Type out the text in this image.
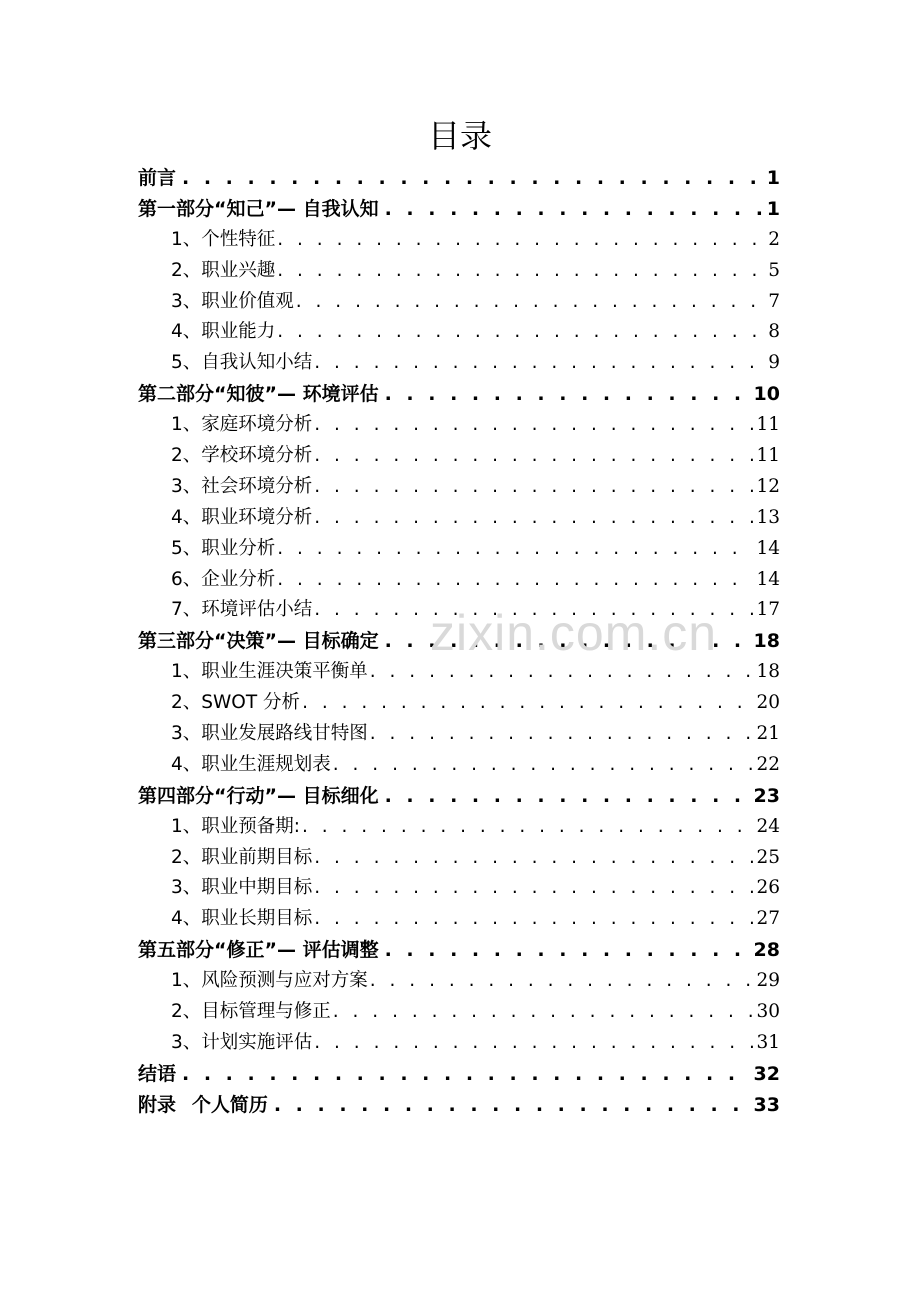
目录
前言 . . .	1
第一部分“知己”— 自我认知 . . .	1
1、个性特征 . . .	2
2、职业兴趣 . . .	5
3、职业价值观 . . .	7
4、职业能力 . . .	8
5、自我认知小结 . . .	9
第二部分“知彼”— 环境评估 . . .	10
1、家庭环境分析 . . .	11
2、学校环境分析 . . .	11
3、社会环境分析 . . .	12
4、职业环境分析 . . .	13
5、职业分析 . . .	14
6、企业分析 . . .	14
7、环境评估小结 . . .	17
第三部分“决策”— 目标确定 . . .	18
1、职业生涯决策平衡单 . . .	18
2、SWOT 分析 . . .	20
3、职业发展路线甘特图 . . .	21
4、职业生涯规划表 . . .	22
第四部分“行动”— 目标细化 . . .	23
1、职业预备期: . . .	24
2、职业前期目标 . . .	25
3、职业中期目标 . . .	26
4、职业长期目标 . . .	27
第五部分“修正”— 评估调整 . . .	28
1、风险预测与应对方案 . . .	29
2、目标管理与修正 . . .	30
3、计划实施评估 . . .	31
结语 . . .	32
附录 个人简历 . . .	33
zixin.com.cn
